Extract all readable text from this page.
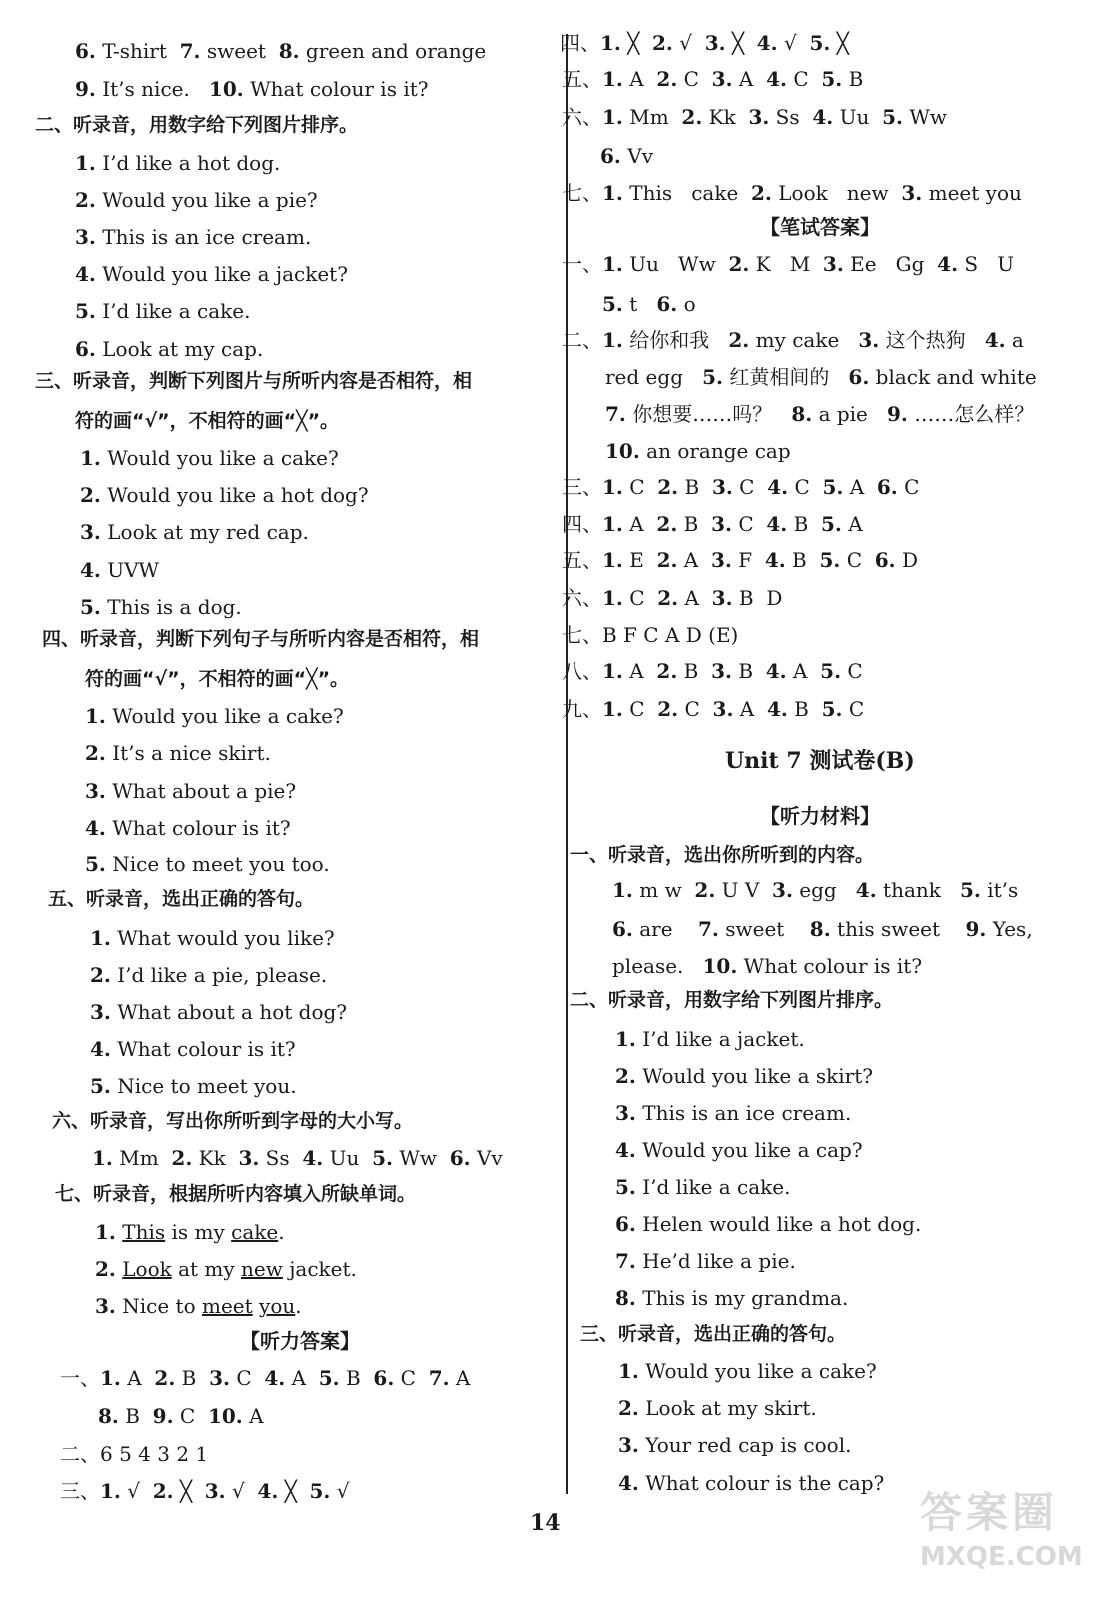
6. T-shirt  7. sweet  8. green and orange
9. It’s nice.   10. What colour is it?
二、听录音，用数字给下列图片排序。
1. I’d like a hot dog.
2. Would you like a pie?
3. This is an ice cream.
4. Would you like a jacket?
5. I’d like a cake.
6. Look at my cap.
三、听录音，判断下列图片与所听内容是否相符，相
符的画“√”，不相符的画“╳”。
1. Would you like a cake?
2. Would you like a hot dog?
3. Look at my red cap.
4. UVW
5. This is a dog.
四、听录音，判断下列句子与所听内容是否相符，相
符的画“√”，不相符的画“╳”。
1. Would you like a cake?
2. It’s a nice skirt.
3. What about a pie?
4. What colour is it?
5. Nice to meet you too.
五、听录音，选出正确的答句。
1. What would you like?
2. I’d like a pie, please.
3. What about a hot dog?
4. What colour is it?
5. Nice to meet you.
六、听录音，写出你所听到字母的大小写。
1. Mm  2. Kk  3. Ss  4. Uu  5. Ww  6. Vv
七、听录音，根据所听内容填入所缺单词。
1. This is my cake.
2. Look at my new jacket.
3. Nice to meet you.
【听力答案】
一、1. A  2. B  3. C  4. A  5. B  6. C  7. A
8. B  9. C  10. A
二、6 5 4 3 2 1
三、1. √  2. ╳  3. √  4. ╳  5. √
四、1. ╳  2. √  3. ╳  4. √  5. ╳
五、1. A  2. C  3. A  4. C  5. B
六、1. Mm  2. Kk  3. Ss  4. Uu  5. Ww
6. Vv
七、1. This   cake  2. Look   new  3. meet you
【笔试答案】
一、1. Uu   Ww  2. K   M  3. Ee   Gg  4. S   U
5. t   6. o
二、1. 给你和我   2. my cake   3. 这个热狗   4. a
red egg   5. 红黄相间的   6. black and white
7. 你想要……吗？   8. a pie   9. ……怎么样？
10. an orange cap
三、1. C  2. B  3. C  4. C  5. A  6. C
四、1. A  2. B  3. C  4. B  5. A
五、1. E  2. A  3. F  4. B  5. C  6. D
六、1. C  2. A  3. B  D
七、B F C A D (E)
八、1. A  2. B  3. B  4. A  5. C
九、1. C  2. C  3. A  4. B  5. C
Unit 7 测试卷(B)
【听力材料】
一、听录音，选出你所听到的内容。
1. m w  2. U V  3. egg   4. thank   5. it’s
6. are    7. sweet    8. this sweet    9. Yes,
please.   10. What colour is it?
二、听录音，用数字给下列图片排序。
1. I’d like a jacket.
2. Would you like a skirt?
3. This is an ice cream.
4. Would you like a cap?
5. I’d like a cake.
6. Helen would like a hot dog.
7. He’d like a pie.
8. This is my grandma.
三、听录音，选出正确的答句。
1. Would you like a cake?
2. Look at my skirt.
3. Your red cap is cool.
4. What colour is the cap?
14	答案圈
MXQE.COM
